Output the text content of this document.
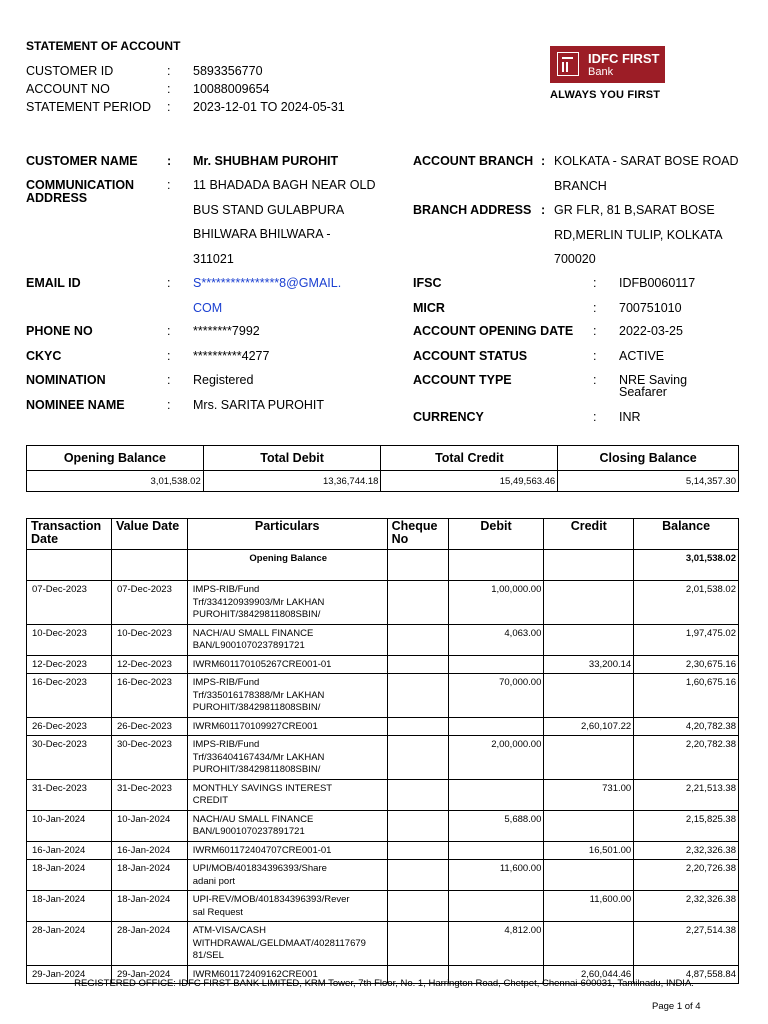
STATEMENT OF ACCOUNT
CUSTOMER ID	: 5893356770
ACCOUNT NO	: 10088009654
STATEMENT PERIOD : 2023-12-01 TO 2024-05-31
IDFC FIRST
Bank
ALWAYS YOU FIRST
CUSTOMER NAME : Mr. SHUBHAM PUROHIT
COMMUNICATION ADDRESS
: 11 BHADADA BAGH NEAR OLD
BUS STAND GULABPURA
BHILWARA BHILWARA -
311021
EMAIL ID	: S****************8@GMAIL.
COM
PHONE NO	: ********7992
CKYC	: **********4277
NOMINATION	: Registered
NOMINEE NAME	: Mrs. SARITA PUROHIT
ACCOUNT BRANCH : KOLKATA - SARAT BOSE ROAD
BRANCH
BRANCH ADDRESS : GR FLR, 81 B,SARAT BOSE
RD,MERLIN TULIP, KOLKATA
700020
IFSC	: IDFB0060117
MICR	: 700751010
ACCOUNT OPENING DATE : 2022-03-25
ACCOUNT STATUS	: ACTIVE
ACCOUNT TYPE	: NRE Saving
Seafarer
CURRENCY	: INR
Opening Balance	Total Debit	Total Credit	Closing Balance
3,01,538.02	13,36,744.18	15,49,563.46	5,14,357.30
Transaction Date	Value Date	Particulars	Cheque No	Debit	Credit	Balance
		Opening Balance				3,01,538.02
07-Dec-2023	07-Dec-2023	IMPS-RIB/Fund
Trf/334120939903/Mr LAKHAN
PUROHIT/38429811808SBIN/		1,00,000.00		2,01,538.02
10-Dec-2023	10-Dec-2023	NACH/AU SMALL FINANCE
BAN/L9001070237891721		4,063.00		1,97,475.02
12-Dec-2023	12-Dec-2023	IWRM601170105267CRE001-01			33,200.14	2,30,675.16
16-Dec-2023	16-Dec-2023	IMPS-RIB/Fund
Trf/335016178388/Mr LAKHAN
PUROHIT/38429811808SBIN/		70,000.00		1,60,675.16
26-Dec-2023	26-Dec-2023	IWRM601170109927CRE001			2,60,107.22	4,20,782.38
30-Dec-2023	30-Dec-2023	IMPS-RIB/Fund
Trf/336404167434/Mr LAKHAN
PUROHIT/38429811808SBIN/		2,00,000.00		2,20,782.38
31-Dec-2023	31-Dec-2023	MONTHLY SAVINGS INTEREST
CREDIT			731.00	2,21,513.38
10-Jan-2024	10-Jan-2024	NACH/AU SMALL FINANCE
BAN/L9001070237891721		5,688.00		2,15,825.38
16-Jan-2024	16-Jan-2024	IWRM601172404707CRE001-01			16,501.00	2,32,326.38
18-Jan-2024	18-Jan-2024	UPI/MOB/401834396393/Share
adani port		11,600.00		2,20,726.38
18-Jan-2024	18-Jan-2024	UPI-REV/MOB/401834396393/Rever
sal Request			11,600.00	2,32,326.38
28-Jan-2024	28-Jan-2024	ATM-VISA/CASH
WITHDRAWAL/GELDMAAT/4028117679
81/SEL		4,812.00		2,27,514.38
29-Jan-2024	29-Jan-2024	IWRM601172409162CRE001			2,60,044.46	4,87,558.84
REGISTERED OFFICE: IDFC FIRST BANK LIMITED, KRM Tower, 7th Floor, No. 1, Harrington Road, Chetpet, Chennai-600031, Tamilnadu, INDIA.
Page 1 of 4
